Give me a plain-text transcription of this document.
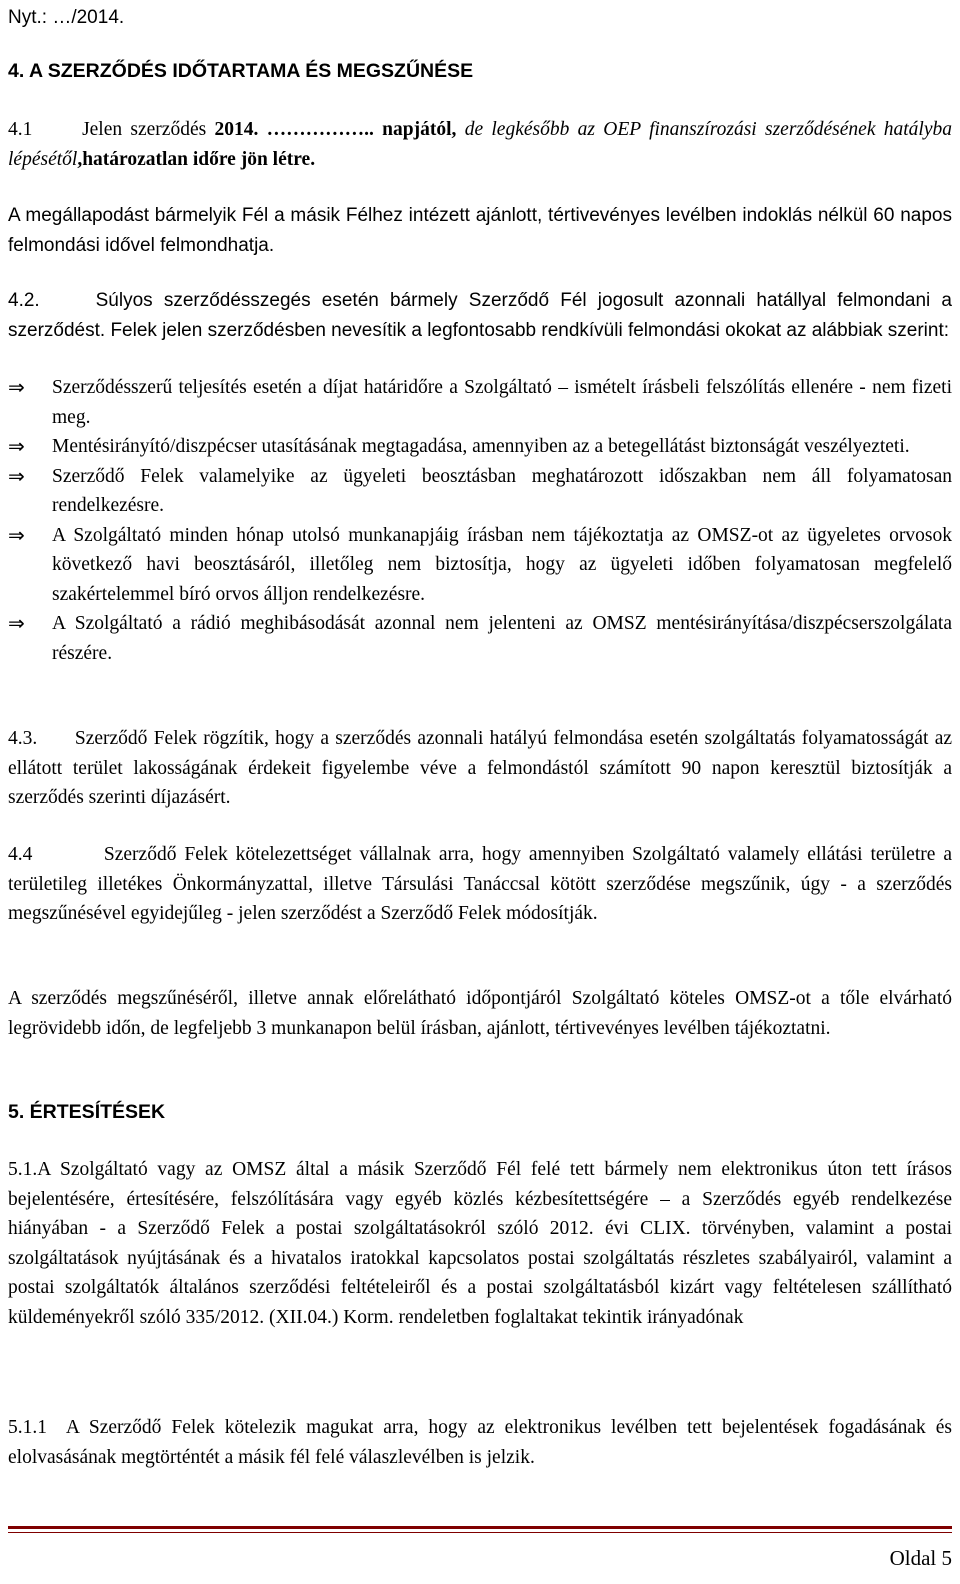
Nyt.: …/2014.
4. A SZERZŐDÉS IDŐTARTAMA ÉS MEGSZŰNÉSE
4.1	Jelen szerződés 2014. …………….. napjától, de legkésőbb az OEP finanszírozási szerződésének hatályba lépésétől,határozatlan időre jön létre.
A megállapodást bármelyik Fél a másik Félhez intézett ajánlott, tértivevényes levélben indoklás nélkül 60 napos felmondási idővel felmondhatja.
4.2.	Súlyos szerződésszegés esetén bármely Szerződő Fél jogosult azonnali hatállyal felmondani a szerződést. Felek jelen szerződésben nevesítik a legfontosabb rendkívüli felmondási okokat az alábbiak szerint:
⇒ Szerződésszerű teljesítés esetén a díjat határidőre a Szolgáltató – ismételt írásbeli felszólítás ellenére - nem fizeti meg.
⇒ Mentésirányító/diszpécser utasításának megtagadása, amennyiben az a betegellátást biztonságát veszélyezteti.
⇒ Szerződő Felek valamelyike az ügyeleti beosztásban meghatározott időszakban nem áll folyamatosan rendelkezésre.
⇒ A Szolgáltató minden hónap utolsó munkanapjáig írásban nem tájékoztatja az OMSZ-ot az ügyeletes orvosok következő havi beosztásáról, illetőleg nem biztosítja, hogy az ügyeleti időben folyamatosan megfelelő szakértelemmel bíró orvos álljon rendelkezésre.
⇒ A Szolgáltató a rádió meghibásodását azonnal nem jelenteni az OMSZ mentésirányítása/diszpécserszolgálata részére.
4.3. Szerződő Felek rögzítik, hogy a szerződés azonnali hatályú felmondása esetén szolgáltatás folyamatosságát az ellátott terület lakosságának érdekeit figyelembe véve a felmondástól számított 90 napon keresztül biztosítják a szerződés szerinti díjazásért.
4.4	Szerződő Felek kötelezettséget vállalnak arra, hogy amennyiben Szolgáltató valamely ellátási területre a területileg illetékes Önkormányzattal, illetve Társulási Tanáccsal kötött szerződése megszűnik, úgy - a szerződés megszűnésével egyidejűleg - jelen szerződést a Szerződő Felek módosítják.
A szerződés megszűnéséről, illetve annak előrelátható időpontjáról Szolgáltató köteles OMSZ-ot a tőle elvárható legrövidebb időn, de legfeljebb 3 munkanapon belül írásban, ajánlott, tértivevényes levélben tájékoztatni.
5. ÉRTESÍTÉSEK
5.1.A Szolgáltató vagy az OMSZ által a másik Szerződő Fél felé tett bármely nem elektronikus úton tett írásos bejelentésére, értesítésére, felszólítására vagy egyéb közlés kézbesítettségére – a Szerződés egyéb rendelkezése hiányában - a Szerződő Felek a postai szolgáltatásokról szóló 2012. évi CLIX. törvényben, valamint a postai szolgáltatások nyújtásának és a hivatalos iratokkal kapcsolatos postai szolgáltatás részletes szabályairól, valamint a postai szolgáltatók általános szerződési feltételeiről és a postai szolgáltatásból kizárt vagy feltételesen szállítható küldeményekről szóló 335/2012. (XII.04.) Korm. rendeletben foglaltakat tekintik irányadónak
5.1.1 A Szerződő Felek kötelezik magukat arra, hogy az elektronikus levélben tett bejelentések fogadásának és elolvasásának megtörténtét a másik fél felé válaszlevélben is jelzik.
Oldal 5
